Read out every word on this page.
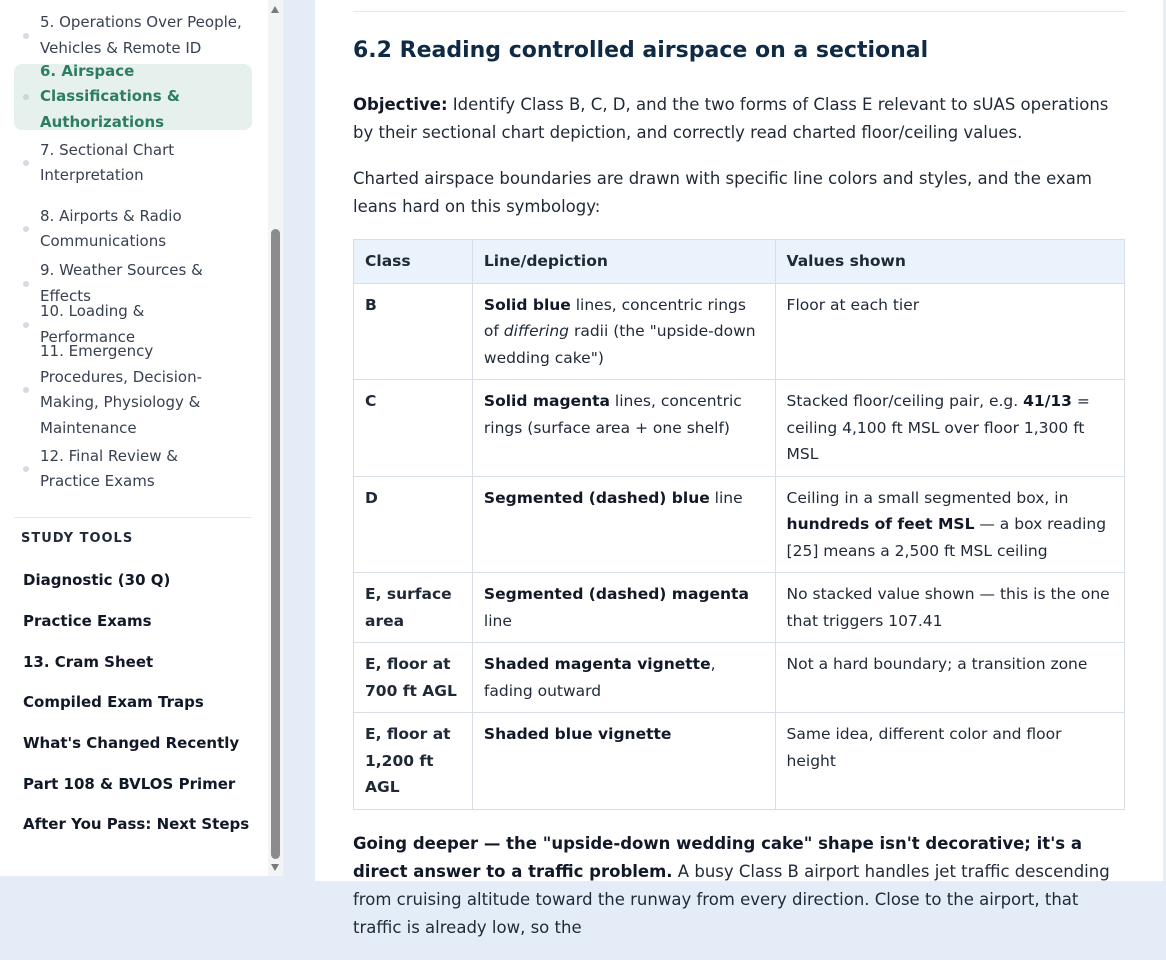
5. Operations Over People, Vehicles & Remote ID
6. Airspace Classifications & Authorizations
7. Sectional Chart Interpretation
8. Airports & Radio Communications
9. Weather Sources & Effects
10. Loading & Performance
11. Emergency Procedures, Decision-Making, Physiology & Maintenance
12. Final Review & Practice Exams
STUDY TOOLS
Diagnostic (30 Q)
Practice Exams
13. Cram Sheet
Compiled Exam Traps
What's Changed Recently
Part 108 & BVLOS Primer
After You Pass: Next Steps
6.2 Reading controlled airspace on a sectional

Objective: Identify Class B, C, D, and the two forms of Class E relevant to sUAS operations by their sectional chart depiction, and correctly read charted floor/ceiling values.

Charted airspace boundaries are drawn with specific line colors and styles, and the exam leans hard on this symbology:

Class	Line/depiction	Values shown
B	Solid blue lines, concentric rings of differing radii (the "upside-down wedding cake")	Floor at each tier
C	Solid magenta lines, concentric rings (surface area + one shelf)	Stacked floor/ceiling pair, e.g. 41/13 = ceiling 4,100 ft MSL over floor 1,300 ft MSL
D	Segmented (dashed) blue line	Ceiling in a small segmented box, in hundreds of feet MSL — a box reading [25] means a 2,500 ft MSL ceiling
E, surface area	Segmented (dashed) magenta line	No stacked value shown — this is the one that triggers 107.41
E, floor at 700 ft AGL	Shaded magenta vignette, fading outward	Not a hard boundary; a transition zone
E, floor at 1,200 ft AGL	Shaded blue vignette	Same idea, different color and floor height

Going deeper — the "upside-down wedding cake" shape isn't decorative; it's a direct answer to a traffic problem. A busy Class B airport handles jet traffic descending from cruising altitude toward the runway from every direction. Close to the airport, that traffic is already low, so the
